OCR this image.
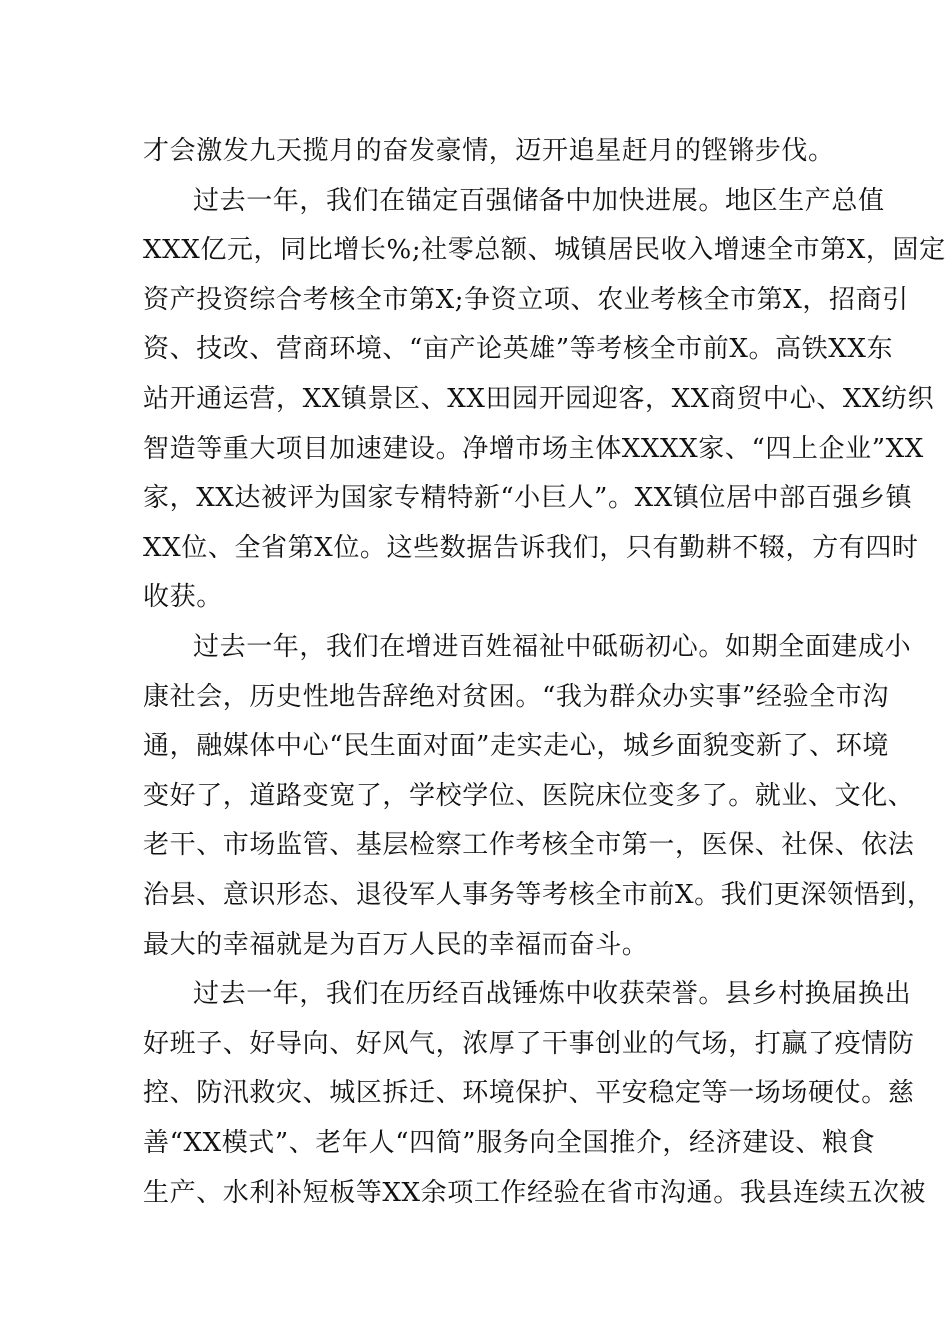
才会激发九天揽月的奋发豪情，迈开追星赶月的铿锵步伐。
过去一年，我们在锚定百强储备中加快进展。地区生产总值
XXX亿元，同比增长%;社零总额、城镇居民收入增速全市第X，固定
资产投资综合考核全市第X;争资立项、农业考核全市第X，招商引
资、技改、营商环境、“亩产论英雄”等考核全市前X。高铁XX东
站开通运营，XX镇景区、XX田园开园迎客，XX商贸中心、XX纺织
智造等重大项目加速建设。净增市场主体XXXX家、“四上企业”XX
家，XX达被评为国家专精特新“小巨人”。XX镇位居中部百强乡镇
XX位、全省第X位。这些数据告诉我们，只有勤耕不辍，方有四时
收获。
过去一年，我们在增进百姓福祉中砥砺初心。如期全面建成小
康社会，历史性地告辞绝对贫困。“我为群众办实事”经验全市沟
通，融媒体中心“民生面对面”走实走心，城乡面貌变新了、环境
变好了，道路变宽了，学校学位、医院床位变多了。就业、文化、
老干、市场监管、基层检察工作考核全市第一，医保、社保、依法
治县、意识形态、退役军人事务等考核全市前X。我们更深领悟到，
最大的幸福就是为百万人民的幸福而奋斗。
过去一年，我们在历经百战锤炼中收获荣誉。县乡村换届换出
好班子、好导向、好风气，浓厚了干事创业的气场，打赢了疫情防
控、防汛救灾、城区拆迁、环境保护、平安稳定等一场场硬仗。慈
善“XX模式”、老年人“四简”服务向全国推介，经济建设、粮食
生产、水利补短板等XX余项工作经验在省市沟通。我县连续五次被
